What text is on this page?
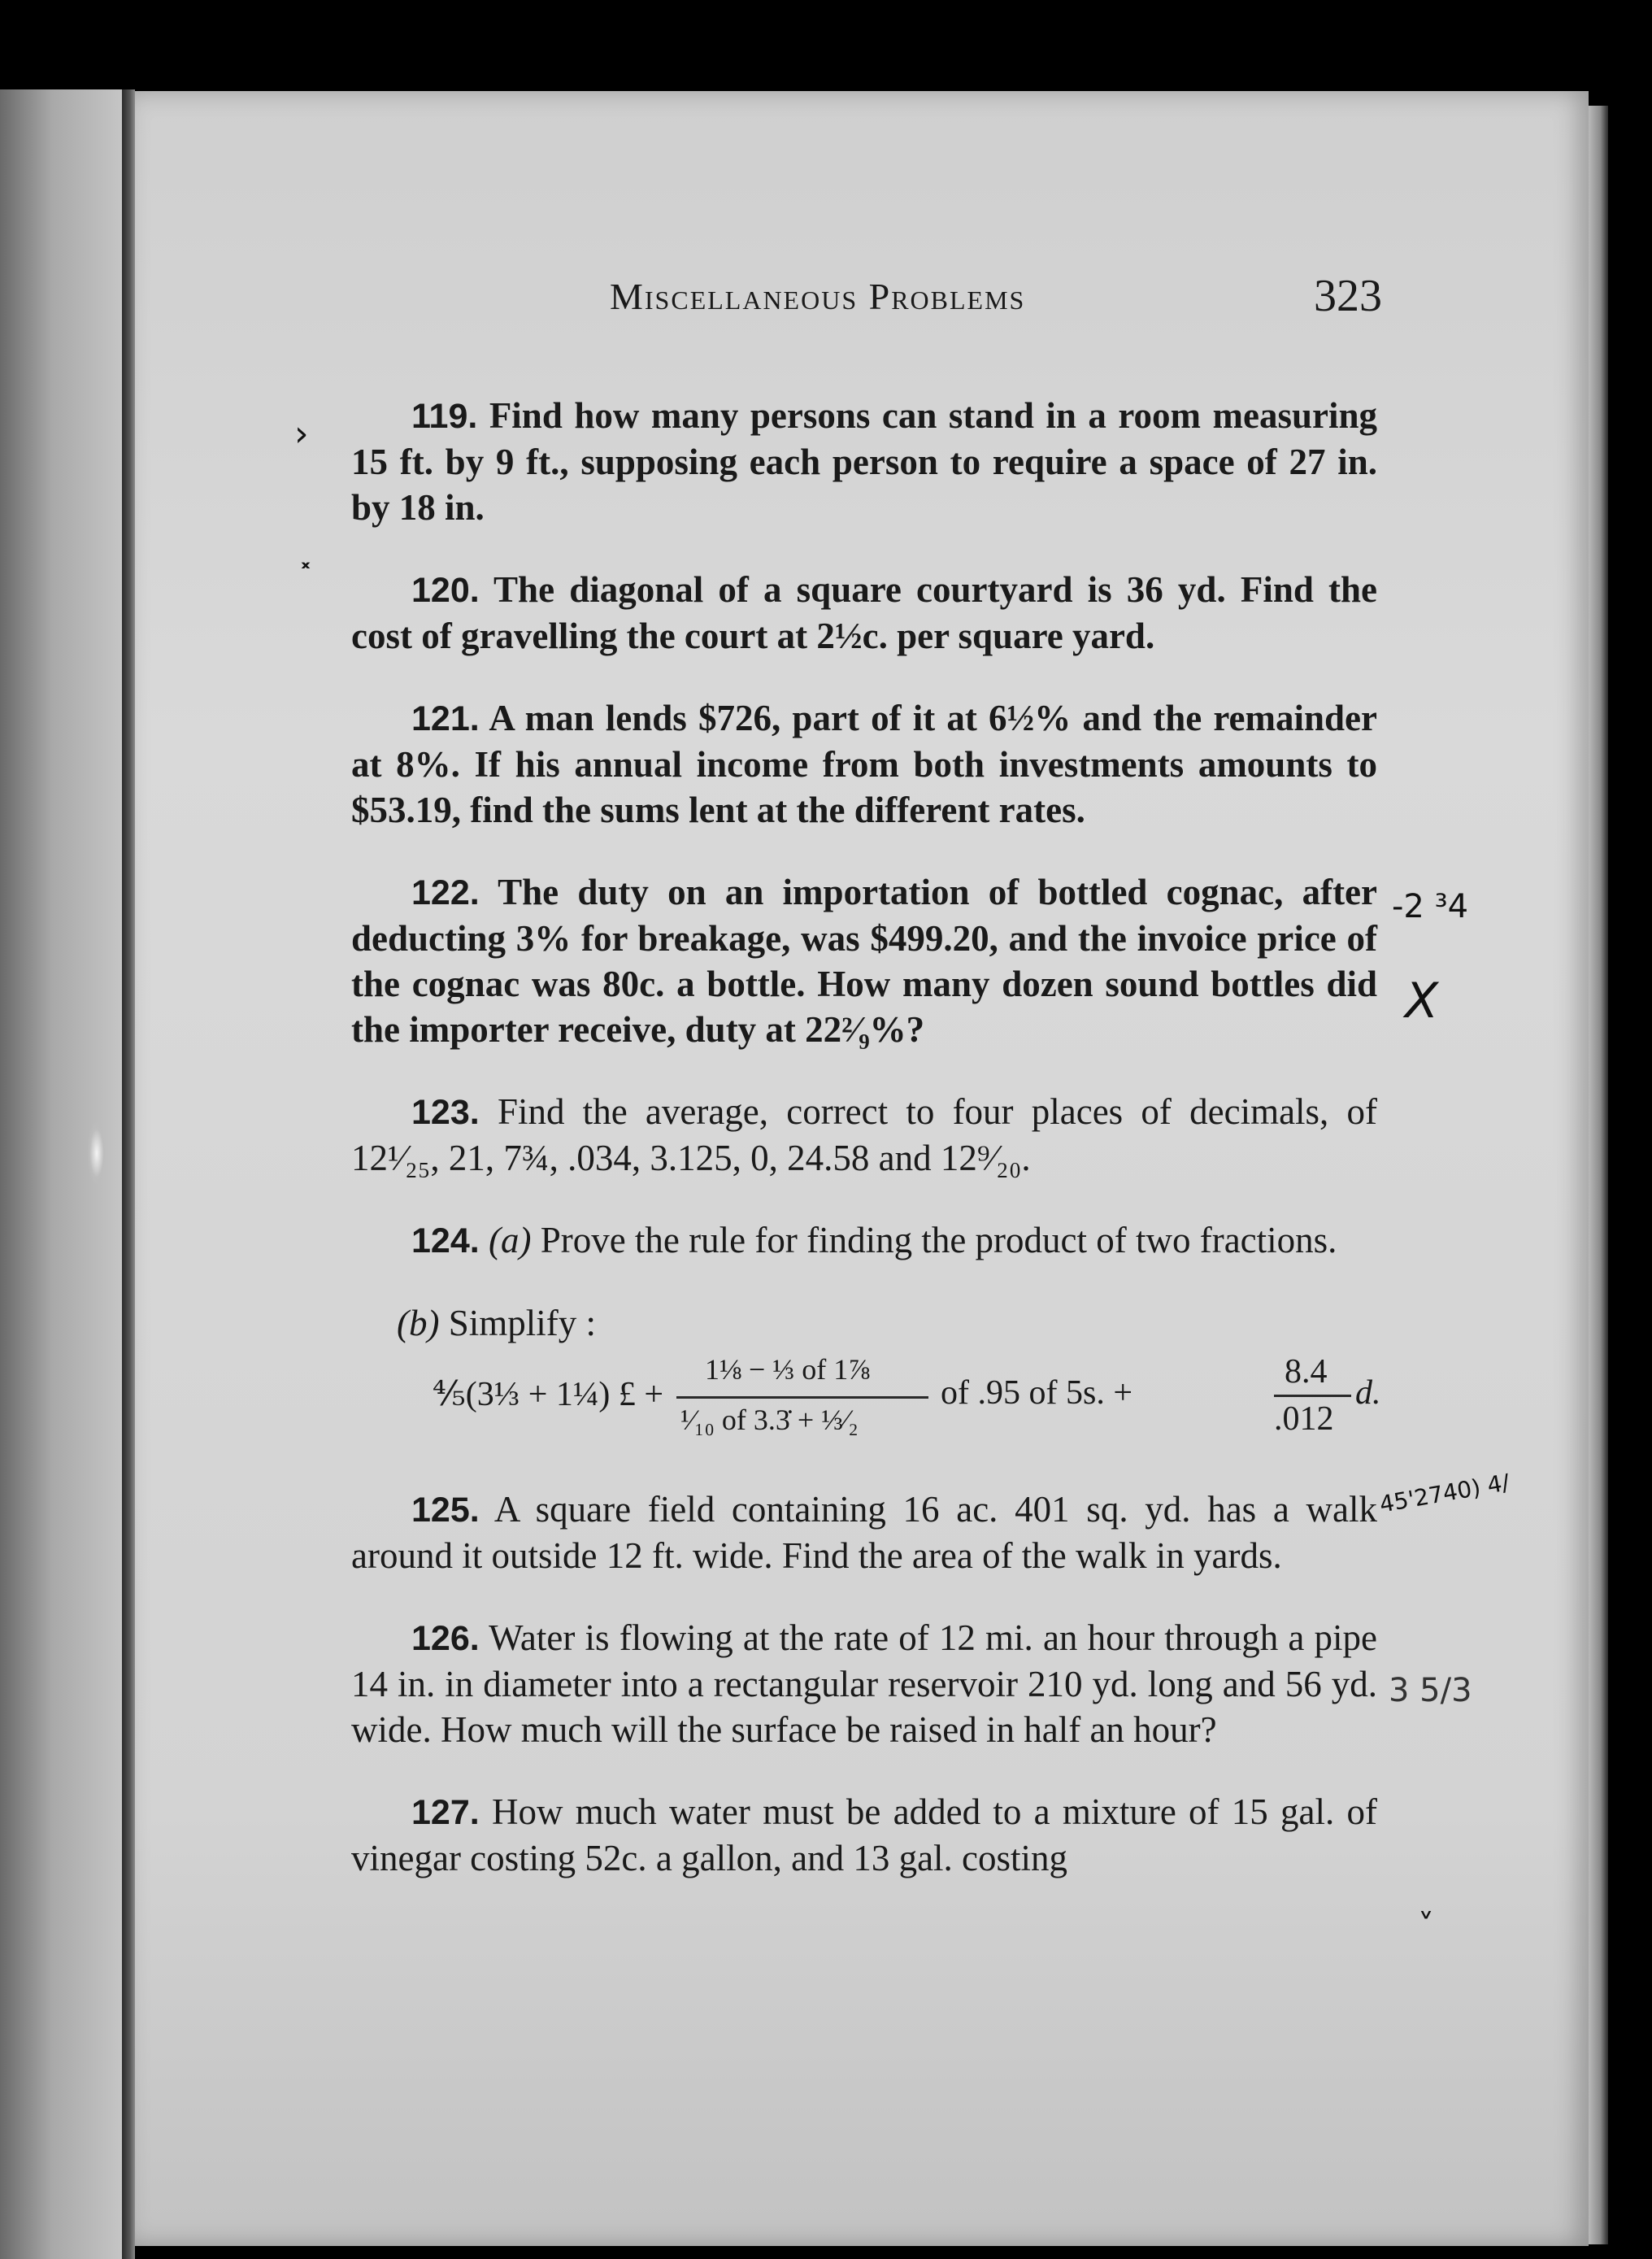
Miscellaneous Problems	323

119. Find how many persons can stand in a room measuring 15 ft. by 9 ft., supposing each person to require a space of 27 in. by 18 in.

120. The diagonal of a square courtyard is 36 yd. Find the cost of gravelling the court at 2½c. per square yard.

121. A man lends $726, part of it at 6½% and the remainder at 8%. If his annual income from both investments amounts to $53.19, find the sums lent at the different rates.

122. The duty on an importation of bottled cognac, after deducting 3% for breakage, was $499.20, and the invoice price of the cognac was 80c. a bottle. How many dozen sound bottles did the importer receive, duty at 22²⁄₉%?

123. Find the average, correct to four places of decimals, of 12¹⁄₂₅, 21, 7¾, .034, 3.125, 0, 24.58 and 12⁹⁄₂₀.

124. (a) Prove the rule for finding the product of two fractions.

(b) Simplify :

⅘(3⅓ + 1¼) £ +
1⅛ − ⅓ of 1⅞
¹⁄₁₀ of 3.3̇ + ⅓⁄₂
of .95 of 5s. +
8.4
.012
d.

125. A square field containing 16 ac. 401 sq. yd. has a walk around it outside 12 ft. wide. Find the area of the walk in yards.

126. Water is flowing at the rate of 12 mi. an hour through a pipe 14 in. in diameter into a rectangular reservoir 210 yd. long and 56 yd. wide. How much will the surface be raised in half an hour?

127. How much water must be added to a mixture of 15 gal. of vinegar costing 52c. a gallon, and 13 gal. costing

›
˟
-2 ³4
X
45'2740) 4/
3 5/3
˅
